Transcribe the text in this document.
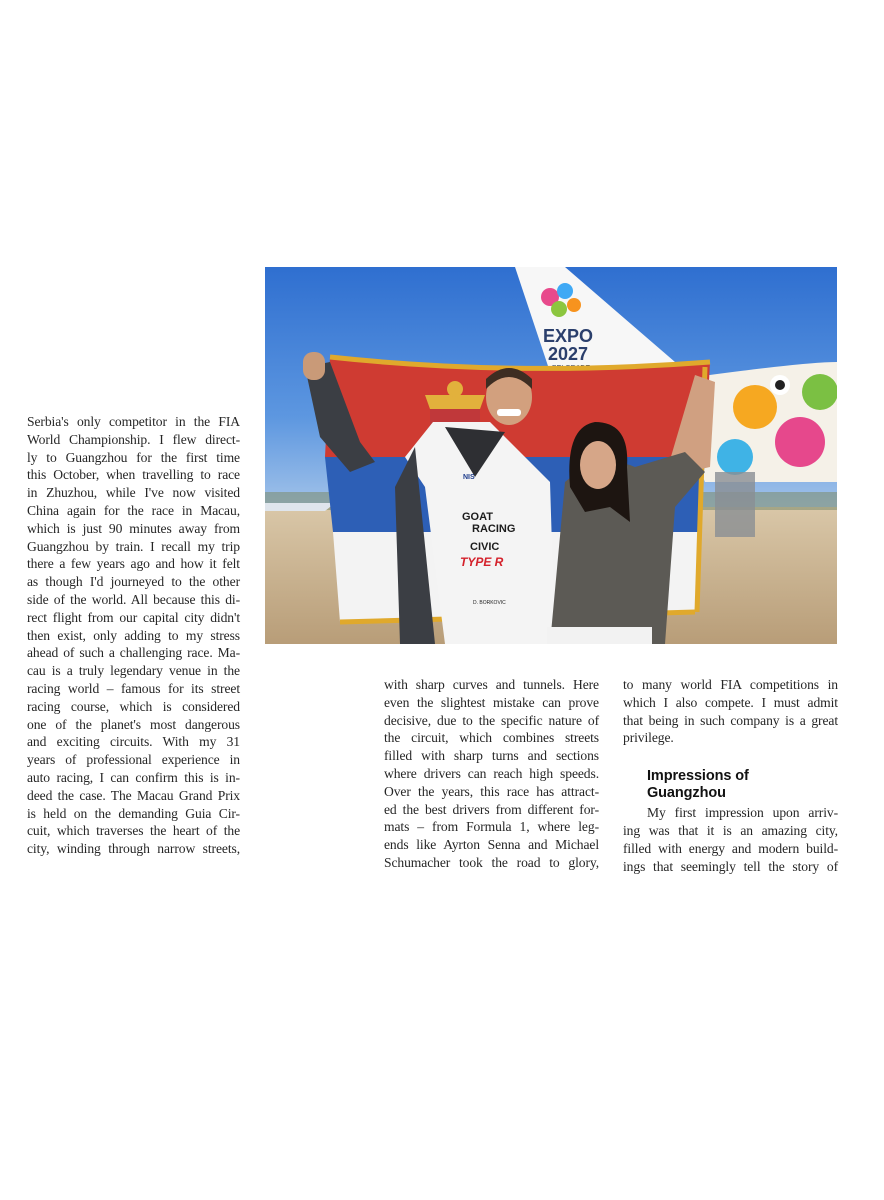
EXPO
2027
GOAT
RACING
CIVIC
TYPE R
NIS
D. BORKOVIC

Serbia's only competitor in the FIA

World Championship. I flew direct-

ly to Guangzhou for the first time

this October, when travelling to race

in Zhuzhou, while I've now visited

China again for the race in Macau,

which is just 90 minutes away from

Guangzhou by train. I recall my trip

there a few years ago and how it felt

as though I'd journeyed to the other

side of the world. All because this di-

rect flight from our capital city didn't

then exist, only adding to my stress

ahead of such a challenging race. Ma-

cau is a truly legendary venue in the

racing world – famous for its street

racing course, which is considered

one of the planet's most dangerous

and exciting circuits. With my 31

years of professional experience in

auto racing, I can confirm this is in-

deed the case. The Macau Grand Prix

is held on the demanding Guia Cir-

cuit, which traverses the heart of the

city, winding through narrow streets,

with sharp curves and tunnels. Here

even the slightest mistake can prove

decisive, due to the specific nature of

the circuit, which combines streets

filled with sharp turns and sections

where drivers can reach high speeds.

Over the years, this race has attract-

ed the best drivers from different for-

mats – from Formula 1, where leg-

ends like Ayrton Senna and Michael

Schumacher took the road to glory,

to many world FIA competitions in

which I also compete. I must admit

that being in such company is a great

privilege.

Impressions of Guangzhou

My first impression upon arriv-

ing was that it is an amazing city,

filled with energy and modern build-

ings that seemingly tell the story of
